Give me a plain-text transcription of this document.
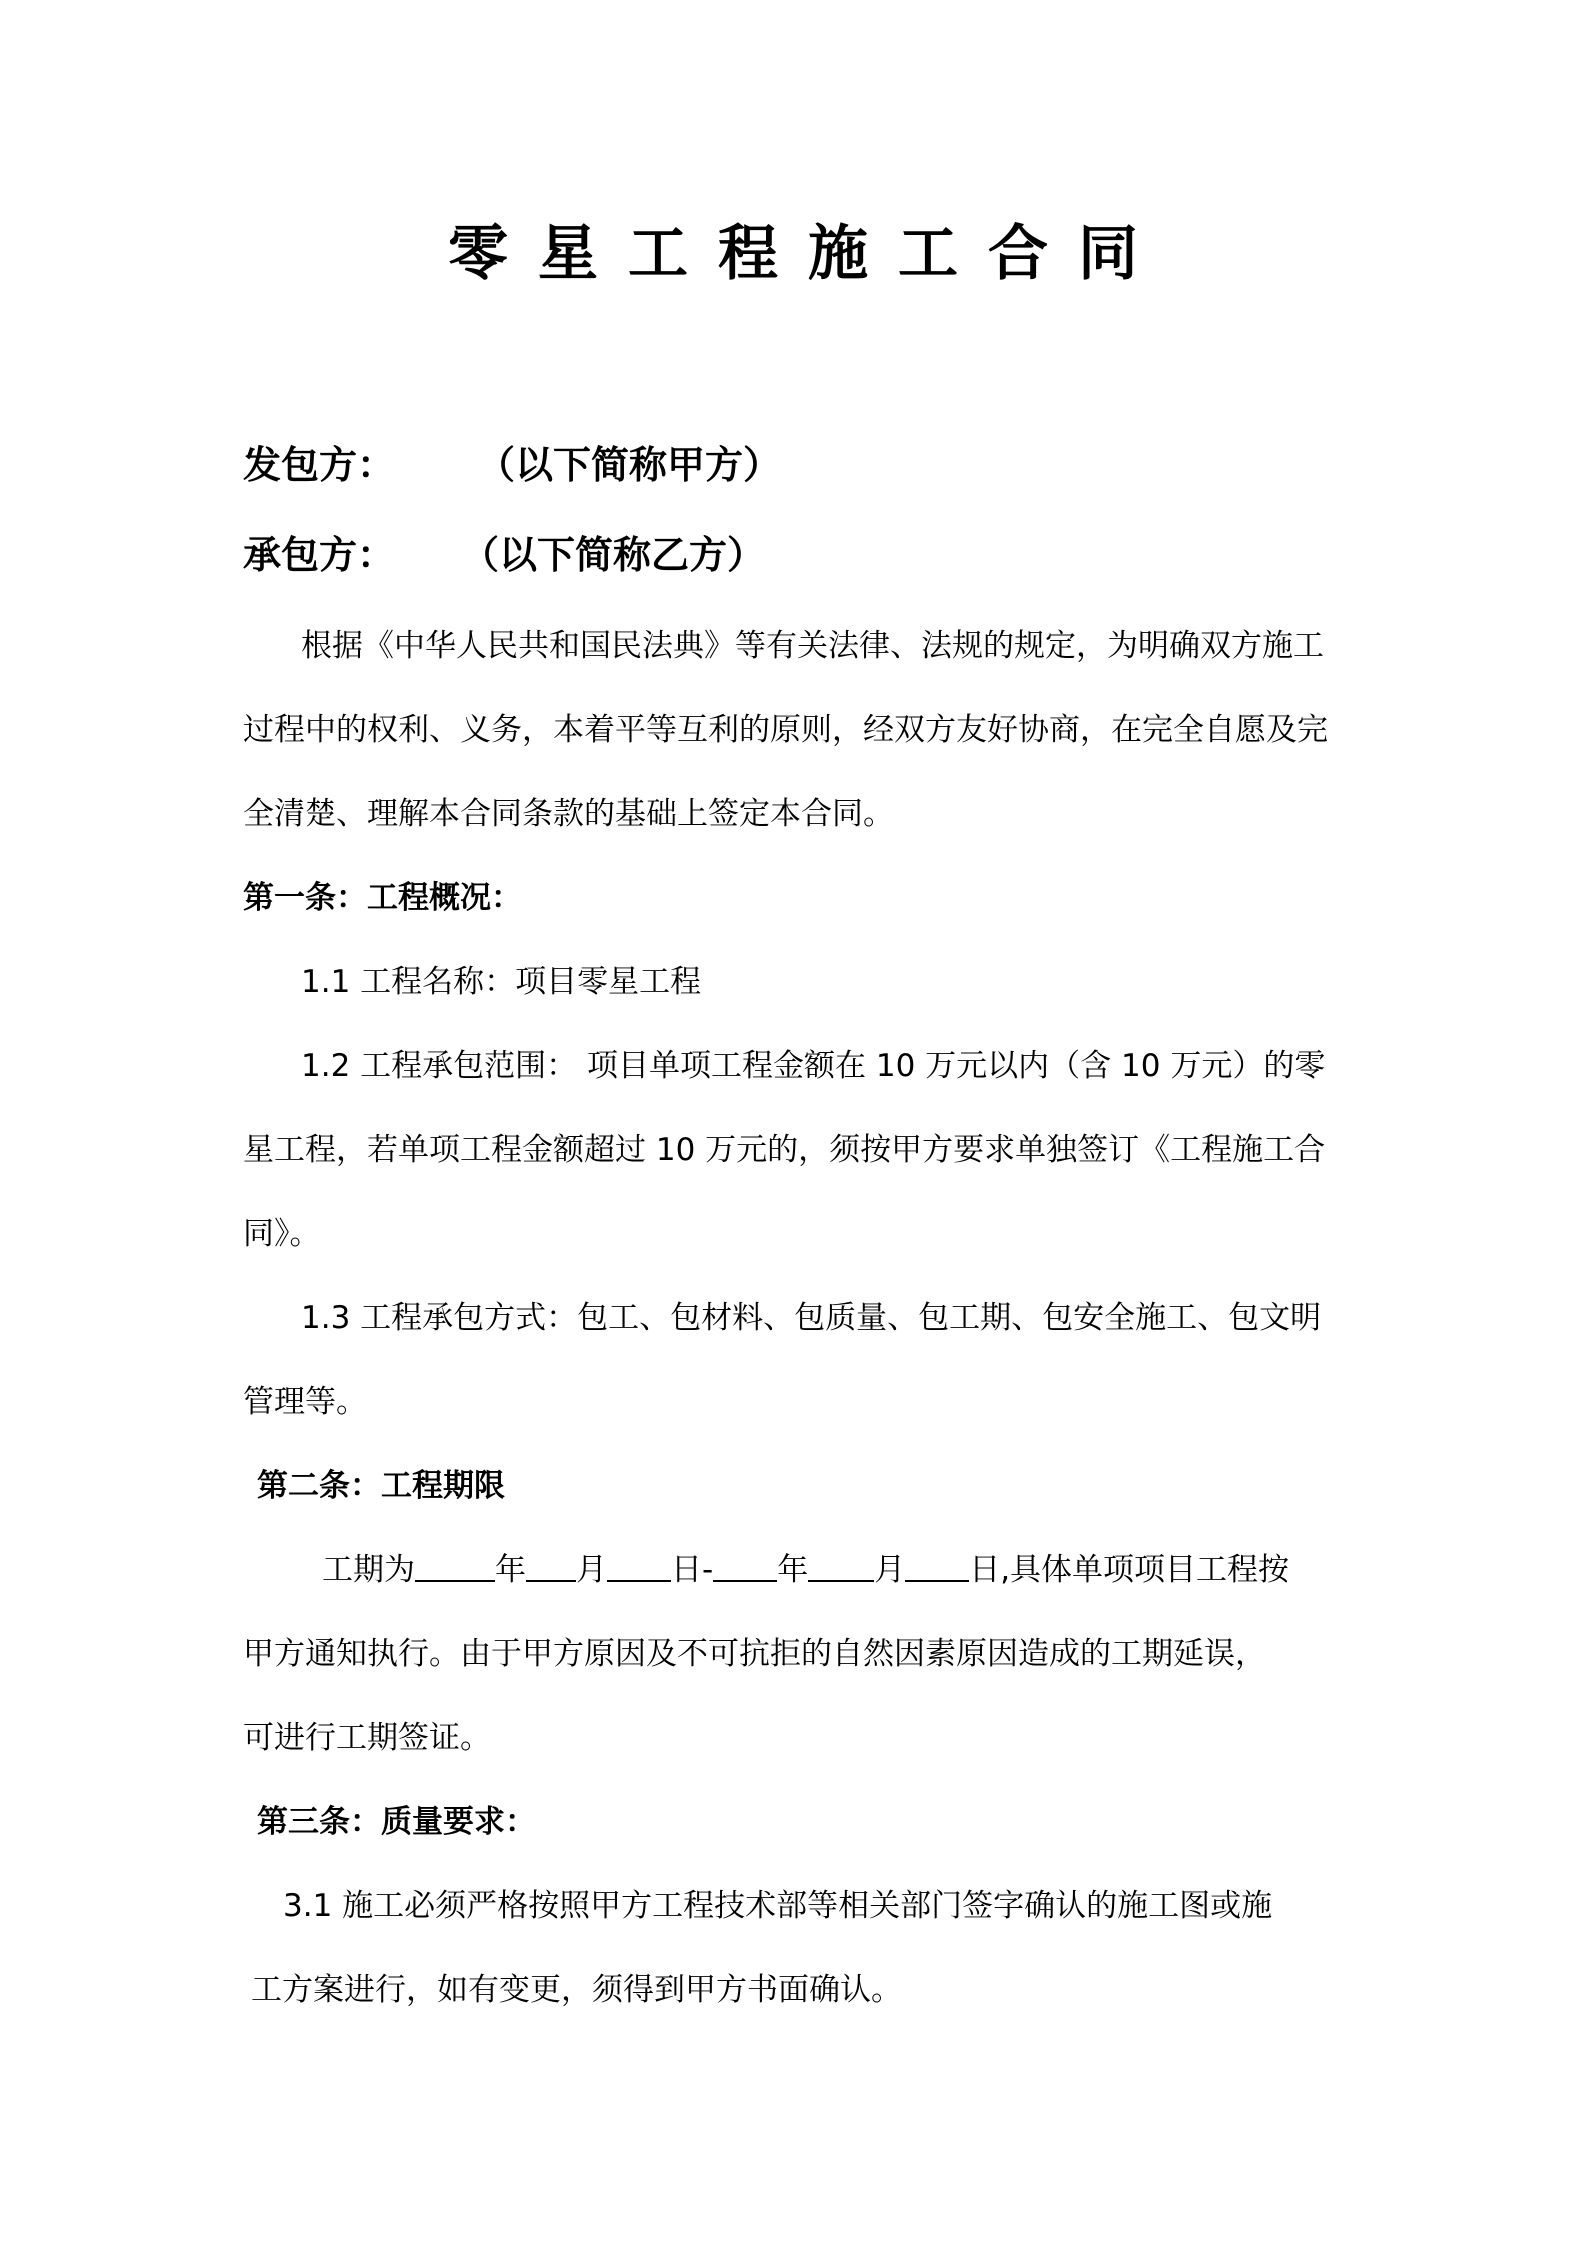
零星工程施工合同
发包方： （以下简称甲方）
承包方： （以下简称乙方）
根据《中华人民共和国民法典》等有关法律、法规的规定，为明确双方施工
过程中的权利、义务，本着平等互利的原则，经双方友好协商，在完全自愿及完
全清楚、理解本合同条款的基础上签定本合同。
第一条：工程概况：
1.1 工程名称：项目零星工程
1.2 工程承包范围： 项目单项工程金额在 10 万元以内（含 10 万元）的零
星工程，若单项工程金额超过 10 万元的，须按甲方要求单独签订《工程施工合
同》。
1.3 工程承包方式：包工、包材料、包质量、包工期、包安全施工、包文明
管理等。
第二条：工程期限
工期为	年 月 日- 年 月 日,具体单项项目工程按
甲方通知执行。由于甲方原因及不可抗拒的自然因素原因造成的工期延误，
可进行工期签证。
第三条：质量要求：
3.1 施工必须严格按照甲方工程技术部等相关部门签字确认的施工图或施
工方案进行，如有变更，须得到甲方书面确认。
